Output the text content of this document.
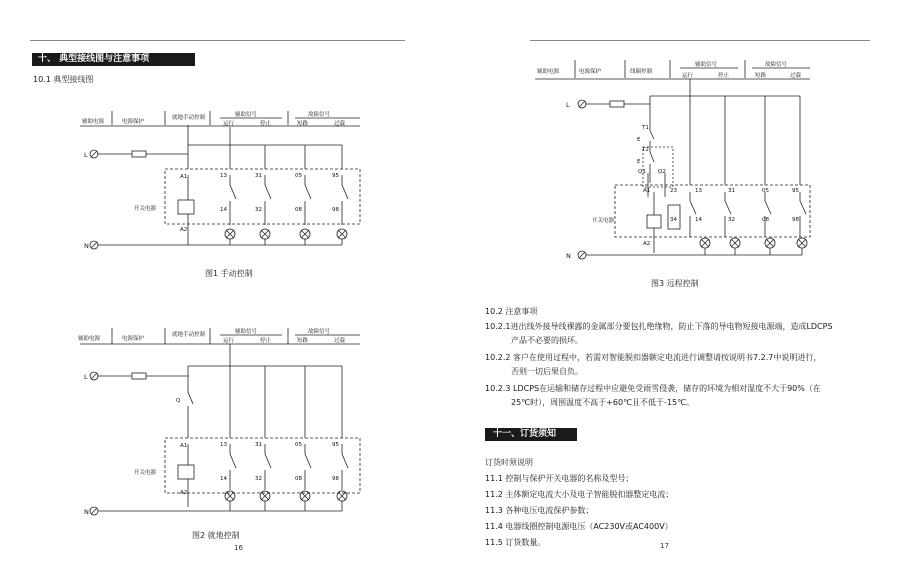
十、 典型接线图与注意事项
10.1 典型接线图
辅助电源	电源保护
就地手动控制	辅助信号	故障信号
运行	停止	短路	过载
L
N
A1
A2
开关电器
13
14
31
32
05
08
95
98
图1 手动控制
辅助电源	电源保护
就地手动控制	辅助信号	故障信号
运行	停止	短路	过载
L
N
Q
A1
A2
开关电器
13
14
31
32
05
08
95
98
图2 就地控制
16
辅助电源	电源保护	线圈控制
辅助信号	故障信号
运行	停止	短路	过载
L
N
T1
E
T2
E
Q1 Q2
A1
A2
23
34
开关电器
13
14
31
32
05
08
95
98
图3 远程控制
10.2 注意事项
10.2.1进出线外接导线裸露的金属部分要包扎绝缘物，防止下落的导电物短接电源端，造成LDCPS
产品不必要的损坏。
10.2.2 客户在使用过程中，若需对智能脱扣器额定电流进行调整请按说明书7.2.7中说明进行，
否则一切后果自负。
10.2.3 LDCPS在运输和储存过程中应避免受雨雪侵袭，储存的环境为相对湿度不大于90%（在
25℃时），周围温度不高于+60℃且不低于-15℃。
十一、订货须知
订货时须说明
11.1 控制与保护开关电器的名称及型号；
11.2 主体额定电流大小及电子智能脱扣器整定电流；
11.3 各种电压电流保护参数；
11.4 电器线圈控制电源电压（AC230V或AC400V）
11.5 订货数量。	17
